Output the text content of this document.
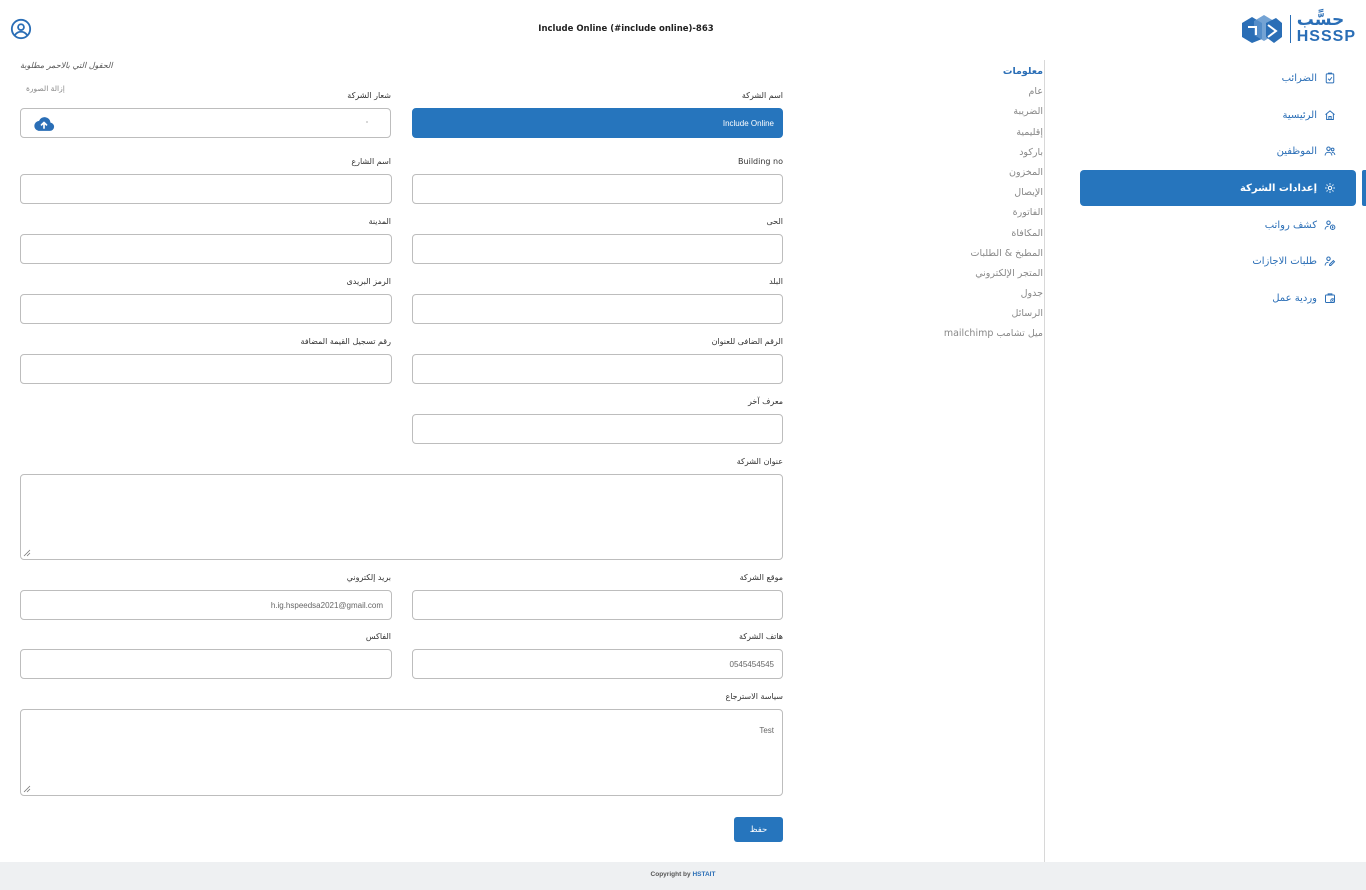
Include Online (#include online)-863	حسًّب
HSSSP
الضرائب
الرئيسية
الموظفين
إعدادات الشركة
كشف رواتب
طلبات الاجازات
وردية عمل
معلومات
عام
الضريبة
إقليمية
باركود
المخزون
الإيصال
الفاتورة
المكافاة
المطبخ & الطلبات
المتجر الإلكتروني
جدول
الرسائل
mailchimp ميل تشامب
الحقول التي بالاحمر مطلوبة
إزالة الصورة
اسم الشركة
Include Online
شعار الشركة
Building no
اسم الشارع
الحى
المدينة
البلد
الرمز البريدى
الرقم الضافى للعنوان
رقم تسجيل القيمة المضافة
معرف آخر
عنوان الشركة
موقع الشركة
بريد إلكتروني
h.ig.hspeedsa2021@gmail.com
هاتف الشركة
0545454545
الفاكس
سياسة الاسترجاع
Test
حفظ
Copyright by HSTAIT
